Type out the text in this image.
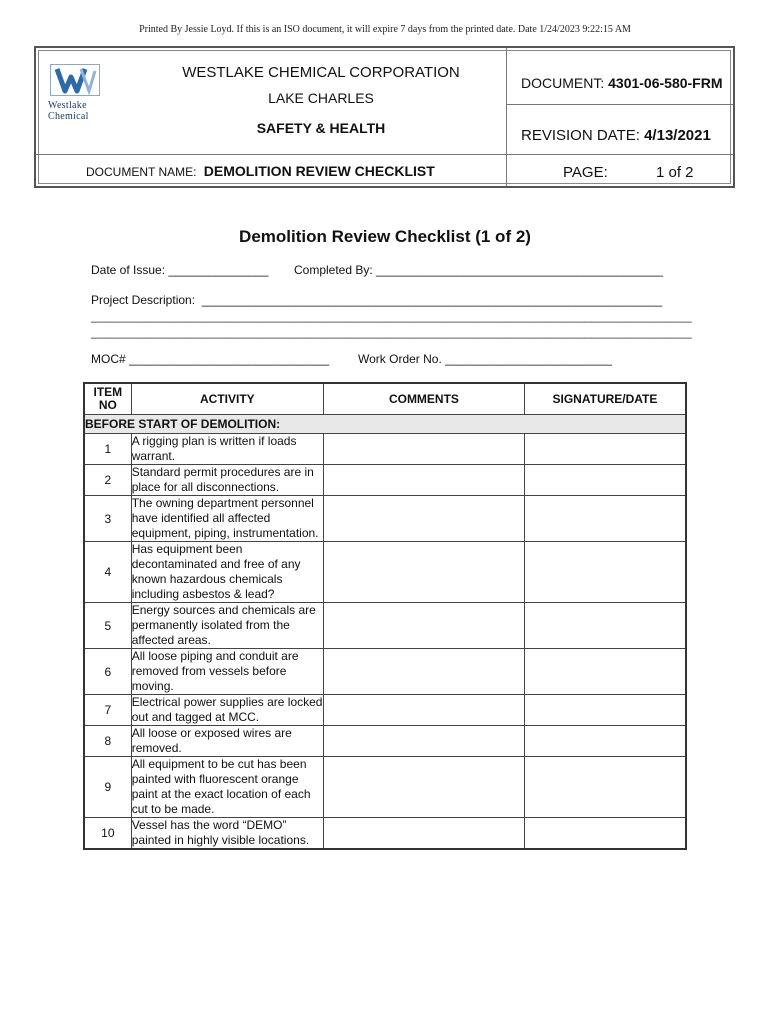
Printed By Jessie Loyd. If this is an ISO document, it will expire 7 days from the printed date. Date 1/24/2023 9:22:15 AM
Westlake
Chemical
WESTLAKE CHEMICAL CORPORATION
LAKE CHARLES
SAFETY & HEALTH
DOCUMENT: 4301-06-580-FRM
REVISION DATE: 4/13/2021
DOCUMENT NAME: DEMOLITION REVIEW CHECKLIST	PAGE:	1 of 2
Demolition Review Checklist (1 of 2)
Date of Issue: _______________ Completed By: ___________________________________________
Project Description:  _____________________________________________________________________
__________________________________________________________________________________________
__________________________________________________________________________________________
MOC# ______________________________ Work Order No. _________________________
ITEM
NO	ACTIVITY	COMMENTS	SIGNATURE/DATE
BEFORE START OF DEMOLITION:			
1	A rigging plan is written if loads warrant.		
2	Standard permit procedures are in place for all disconnections.		
3	The owning department personnel have identified all affected equipment, piping, instrumentation.		
4	Has equipment been decontaminated and free of any known hazardous chemicals including asbestos & lead?		
5	Energy sources and chemicals are permanently isolated from the affected areas.		
6	All loose piping and conduit are removed from vessels before moving.		
7	Electrical power supplies are locked out and tagged at MCC.		
8	All loose or exposed wires are removed.		
9	All equipment to be cut has been painted with fluorescent orange paint at the exact location of each cut to be made.		
10	Vessel has the word “DEMO” painted in highly visible locations.		
